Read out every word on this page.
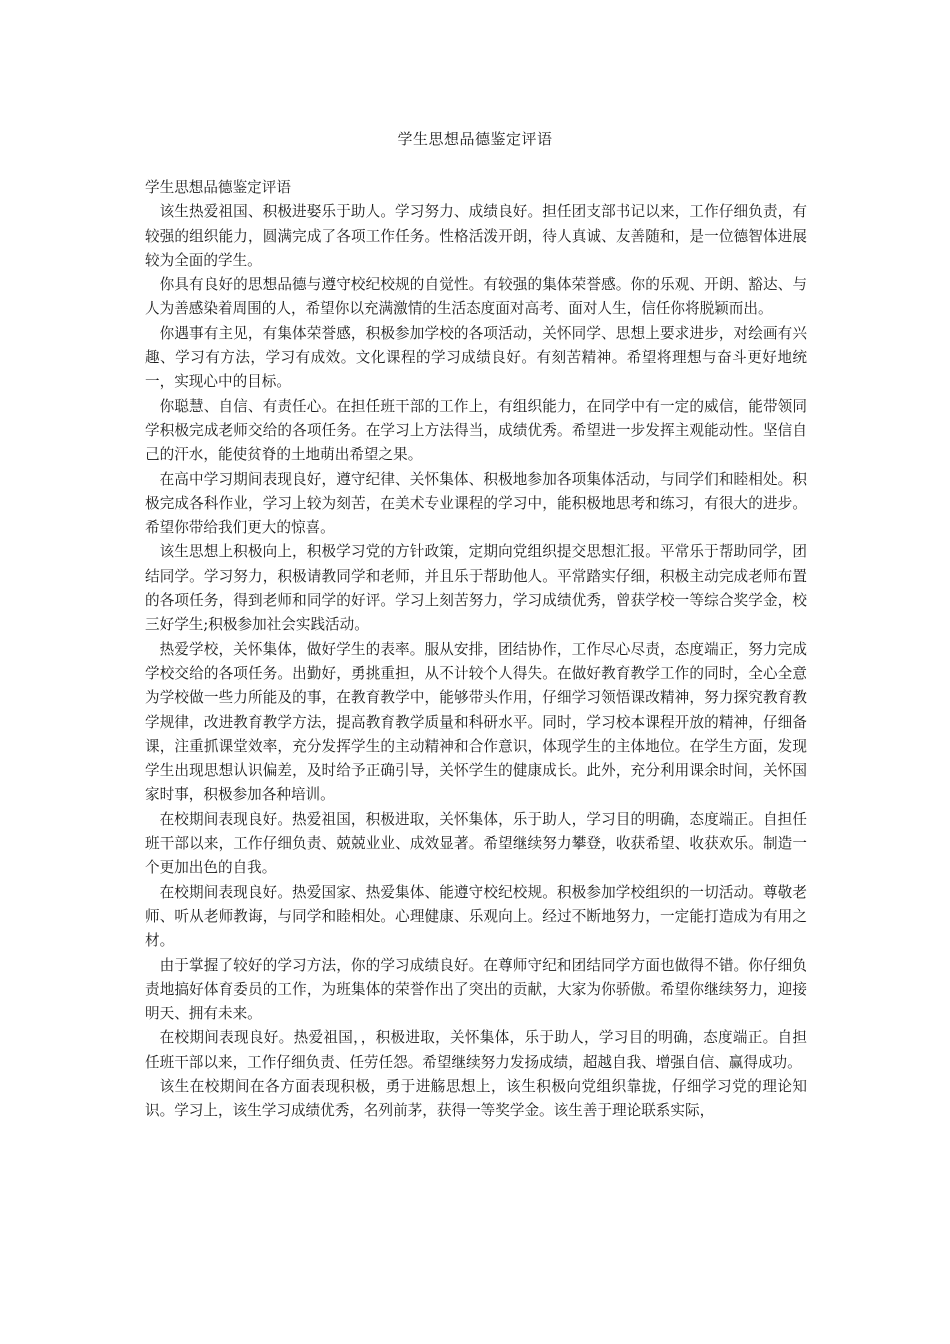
学生思想品德鉴定评语

学生思想品德鉴定评语

该生热爱祖国、积极进娶乐于助人。学习努力、成绩良好。担任团支部书记以来，工作仔细负责，有较强的组织能力，圆满完成了各项工作任务。性格活泼开朗，待人真诚、友善随和，是一位德智体进展较为全面的学生。

你具有良好的思想品德与遵守校纪校规的自觉性。有较强的集体荣誉感。你的乐观、开朗、豁达、与人为善感染着周围的人，希望你以充满激情的生活态度面对高考、面对人生，信任你将脱颖而出。

你遇事有主见，有集体荣誉感，积极参加学校的各项活动，关怀同学、思想上要求进步，对绘画有兴趣、学习有方法，学习有成效。文化课程的学习成绩良好。有刻苦精神。希望将理想与奋斗更好地统一，实现心中的目标。

你聪慧、自信、有责任心。在担任班干部的工作上，有组织能力，在同学中有一定的威信，能带领同学积极完成老师交给的各项任务。在学习上方法得当，成绩优秀。希望进一步发挥主观能动性。坚信自己的汗水，能使贫脊的土地萌出希望之果。

在高中学习期间表现良好，遵守纪律、关怀集体、积极地参加各项集体活动，与同学们和睦相处。积极完成各科作业，学习上较为刻苦，在美术专业课程的学习中，能积极地思考和练习，有很大的进步。希望你带给我们更大的惊喜。

该生思想上积极向上，积极学习党的方针政策，定期向党组织提交思想汇报。平常乐于帮助同学，团结同学。学习努力，积极请教同学和老师，并且乐于帮助他人。平常踏实仔细，积极主动完成老师布置的各项任务，得到老师和同学的好评。学习上刻苦努力，学习成绩优秀，曾获学校一等综合奖学金，校三好学生;积极参加社会实践活动。

热爱学校，关怀集体，做好学生的表率。服从安排，团结协作，工作尽心尽责，态度端正，努力完成学校交给的各项任务。出勤好，勇挑重担，从不计较个人得失。在做好教育教学工作的同时，全心全意为学校做一些力所能及的事，在教育教学中，能够带头作用，仔细学习领悟课改精神，努力探究教育教学规律，改进教育教学方法，提高教育教学质量和科研水平。同时，学习校本课程开放的精神，仔细备课，注重抓课堂效率，充分发挥学生的主动精神和合作意识，体现学生的主体地位。在学生方面，发现学生出现思想认识偏差，及时给予正确引导，关怀学生的健康成长。此外，充分利用课余时间，关怀国家时事，积极参加各种培训。

在校期间表现良好。热爱祖国，积极进取，关怀集体，乐于助人，学习目的明确，态度端正。自担任班干部以来，工作仔细负责、兢兢业业、成效显著。希望继续努力攀登，收获希望、收获欢乐。制造一个更加出色的自我。

在校期间表现良好。热爱国家、热爱集体、能遵守校纪校规。积极参加学校组织的一切活动。尊敬老师、听从老师教诲，与同学和睦相处。心理健康、乐观向上。经过不断地努力，一定能打造成为有用之材。

由于掌握了较好的学习方法，你的学习成绩良好。在尊师守纪和团结同学方面也做得不错。你仔细负责地搞好体育委员的工作，为班集体的荣誉作出了突出的贡献，大家为你骄傲。希望你继续努力，迎接明天、拥有未来。

在校期间表现良好。热爱祖国，，积极进取，关怀集体，乐于助人，学习目的明确，态度端正。自担任班干部以来，工作仔细负责、任劳任怨。希望继续努力发扬成绩，超越自我、增强自信、赢得成功。

该生在校期间在各方面表现积极，勇于进觞思想上，该生积极向党组织靠拢，仔细学习党的理论知识。学习上，该生学习成绩优秀，名列前茅，获得一等奖学金。该生善于理论联系实际，
